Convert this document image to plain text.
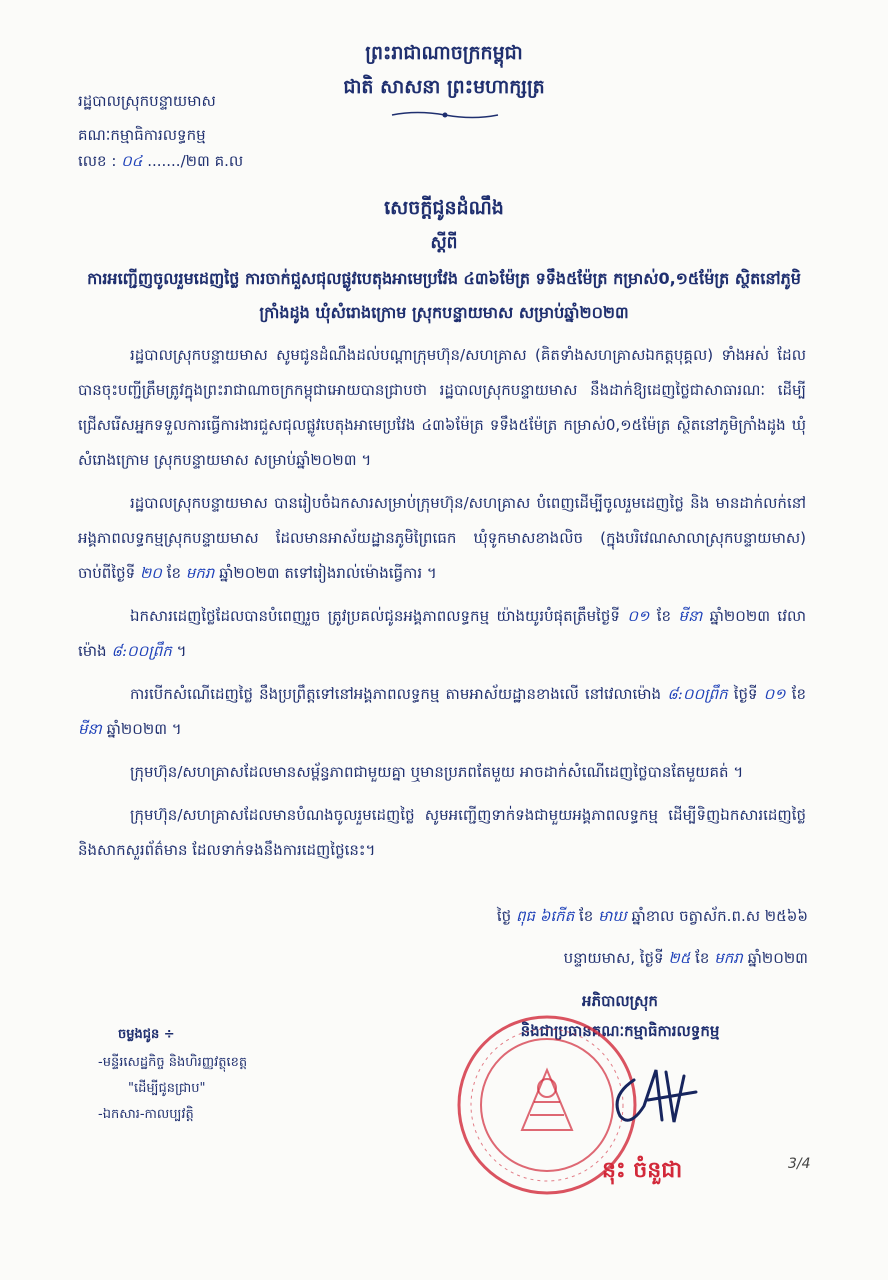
ព្រះរាជាណាចក្រកម្ពុជា
ជាតិ សាសនា ព្រះមហាក្សត្រ
រដ្ឋបាលស្រុកបន្ទាយមាស
គណៈកម្មាធិការលទ្ធកម្ម
លេខ : ០៤ ......./២៣ គ.ល
សេចក្តីជូនដំណឹង
ស្តីពី
ការអញ្ជើញចូលរួមដេញថ្លៃ ការចាក់ជួសជុលផ្លូវបេតុងអាមេប្រវែង ៤៣៦ម៉ែត្រ ទទឹង៥ម៉ែត្រ កម្រាស់0,១៥ម៉ែត្រ ស្ថិតនៅភូមិក្រាំងដូង ឃុំសំរោងក្រោម ស្រុកបន្ទាយមាស សម្រាប់ឆ្នាំ២០២៣

រដ្ឋបាលស្រុកបន្ទាយមាស សូមជូនដំណឹងដល់បណ្តាក្រុមហ៊ុន/សហគ្រាស (គិតទាំងសហគ្រាសឯកត្តបុគ្គល) ទាំងអស់ ដែលបានចុះបញ្ជីត្រឹមត្រូវក្នុងព្រះរាជាណាចក្រកម្ពុជាអោយបានជ្រាបថា រដ្ឋបាលស្រុកបន្ទាយមាស នឹងដាក់ឱ្យដេញថ្លៃជាសាធារណៈ ដើម្បីជ្រើសរើសអ្នកទទួលការធ្វើការងារជួសជុលផ្លូវបេតុងអាមេប្រវែង ៤៣៦ម៉ែត្រ ទទឹង៥ម៉ែត្រ កម្រាស់0,១៥ម៉ែត្រ ស្ថិតនៅភូមិក្រាំងដូង ឃុំសំរោងក្រោម ស្រុកបន្ទាយមាស សម្រាប់ឆ្នាំ២០២៣ ។

រដ្ឋបាលស្រុកបន្ទាយមាស បានរៀបចំឯកសារសម្រាប់ក្រុមហ៊ុន/សហគ្រាស បំពេញដើម្បីចូលរួមដេញថ្លៃ និង មានដាក់លក់នៅអង្គភាពលទ្ធកម្មស្រុកបន្ទាយមាស ដែលមានអាស័យដ្ឋានភូមិព្រៃធេក ឃុំទូកមាសខាងលិច (ក្នុងបរិវេណសាលាស្រុកបន្ទាយមាស) ចាប់ពីថ្ងៃទី ២០ ខែ មករា ឆ្នាំ២០២៣ តទៅរៀងរាល់ម៉ោងធ្វើការ ។

ឯកសារដេញថ្លៃដែលបានបំពេញរួច ត្រូវប្រគល់ជូនអង្គភាពលទ្ធកម្ម យ៉ាងយូរបំផុតត្រឹមថ្ងៃទី ០១ ខែ មីនា ឆ្នាំ២០២៣ វេលាម៉ោង ៨:០០ព្រឹក ។

ការបើកសំណើដេញថ្លៃ នឹងប្រព្រឹត្តទៅនៅអង្គភាពលទ្ធកម្ម តាមអាស័យដ្ឋានខាងលើ នៅវេលាម៉ោង ៨:០០ព្រឹក ថ្ងៃទី ០១ ខែ មីនា ឆ្នាំ២០២៣ ។

ក្រុមហ៊ុន/សហគ្រាសដែលមានសម្ព័ន្ធភាពជាមួយគ្នា ឬមានប្រភពតែមួយ អាចដាក់សំណើដេញថ្លៃបានតែមួយគត់ ។

ក្រុមហ៊ុន/សហគ្រាសដែលមានបំណងចូលរួមដេញថ្លៃ សូមអញ្ជើញទាក់ទងជាមួយអង្គភាពលទ្ធកម្ម ដើម្បីទិញឯកសារដេញថ្លៃ និងសាកសួរព័ត៌មាន ដែលទាក់ទងនឹងការដេញថ្លៃនេះ។

ថ្ងៃ ពុធ ៦កើត ខែ មាឃ ឆ្នាំខាល ចត្វាស័ក.ព.ស ២៥៦៦
បន្ទាយមាស, ថ្ងៃទី ២៥ ខែ មករា ឆ្នាំ២០២៣
អភិបាលស្រុក
និងជាប្រធានគណៈកម្មាធិការលទ្ធកម្ម
នុះ ចំនួជា	3/4
ចម្លងជូន ÷
-មន្ទីរសេដ្ឋកិច្ច និងហិរញ្ញវត្ថុខេត្ត
"ដើម្បីជូនជ្រាប"
-ឯកសារ-កាលប្បវត្តិ
